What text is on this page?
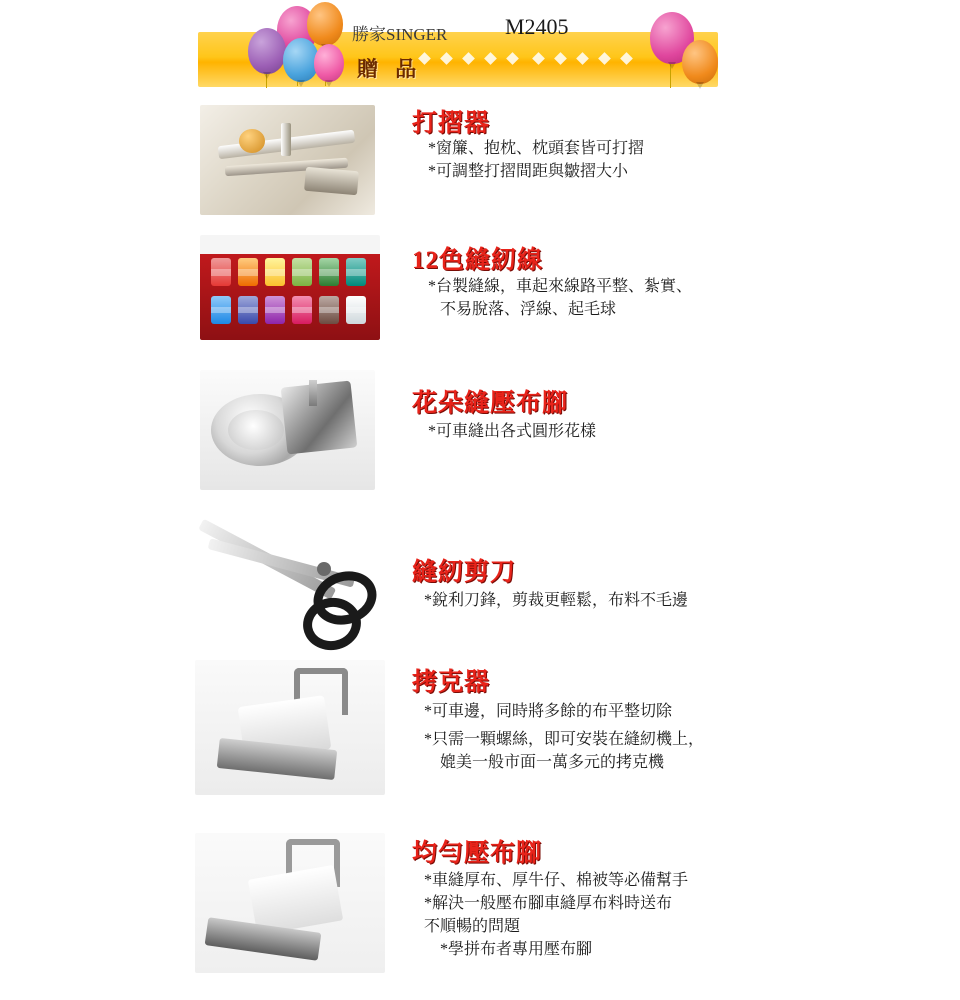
勝家SINGER	M2405
贈 品
打摺器
*窗簾、抱枕、枕頭套皆可打摺
*可調整打摺間距與皺摺大小
12色縫紉線
*台製縫線，車起來線路平整、紮實、
不易脫落、浮線、起毛球
花朵縫壓布腳
*可車縫出各式圓形花樣
縫紉剪刀
*銳利刀鋒，剪裁更輕鬆，布料不毛邊
拷克器
*可車邊，同時將多餘的布平整切除
*只需一顆螺絲，即可安裝在縫紉機上，
媲美一般市面一萬多元的拷克機
均勻壓布腳
*車縫厚布、厚牛仔、棉被等必備幫手
*解決一般壓布腳車縫厚布料時送布
不順暢的問題
*學拼布者專用壓布腳
